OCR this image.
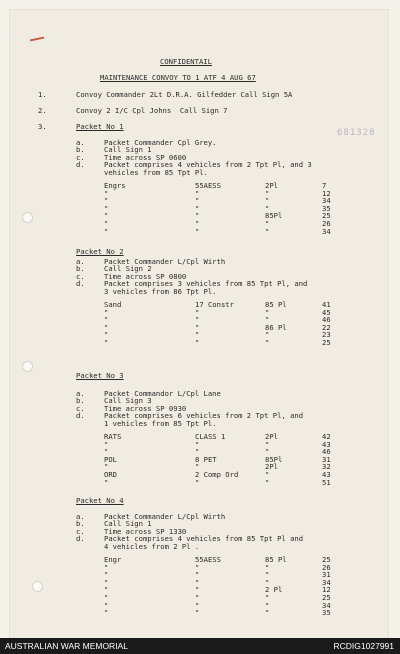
CONFIDENTAIL
MAINTENANCE CONVOY TO 1 ATF 4 AUG 67
1.	Convoy Commander 2Lt D.R.A. Gilfedder Call Sign 5A
2.	Convoy 2 I/C Cpl Johns  Call Sign 7
3.	Packet No 1
681328
a.	Packet Commander Cpl Grey.
b.	Call Sign 1
c.	Time across SP 0600
d.	Packet comprises 4 vehicles from 2 Tpt Pl, and 3
vehicles from 85 Tpt Pl.
Engrs	55AESS	2Pl	7
"	"	"	12
"	"	"	34
"	"	"	35
"	"	85Pl	25
"	"	"	26
"	"	"	34
Packet No 2
a.	Packet Commander L/Cpl Wirth
b.	Call Sign 2
c.	Time across SP 0800
d.	Packet comprises 3 vehicles from 85 Tpt Pl, and
3 vehicles from 86 Tpt Pl.
Sand	17 Constr	85 Pl	41
"	"	"	45
"	"	"	46
"	"	86 Pl	22
"	"	"	23
"	"	"	25
Packet No 3
a.	Packet Commandor L/Cpl Lane
b.	Call Sign 3
c.	Time across SP 0930
d.	Packet comprises 6 vehicles from 2 Tpt Pl, and
1 vehicles from 85 Tpt Pl.
RATS	CLASS 1	2Pl	42
"	"	"	43
"	"	"	46
POL	8 PET	85Pl	31
"	"	2Pl	32
ORD	2 Comp Ord	"	43
"	"	"	51
Packet No 4
a.	Packet Commander L/Cpl Wirth
b.	Call Sign 1
c.	Time across SP 1330
d.	Packet comprises 4 vehicles from 85 Tpt Pl and
4 vehicles from 2 Pl .
Engr	55AESS	85 Pl	25
"	"	"	26
"	"	"	31
"	"	"	34
"	"	2 Pl	12
"	"	"	25
"	"	"	34
"	"	"	35
AUSTRALIAN WAR MEMORIAL	RCDIG1027991
